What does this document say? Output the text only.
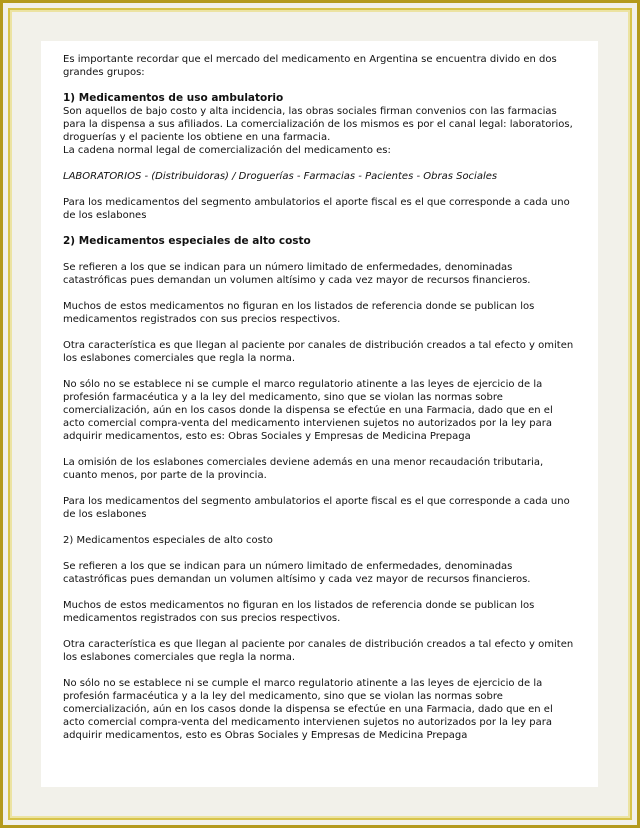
Es importante recordar que el mercado del medicamento en Argentina se encuentra divido en dos grandes grupos:

1) Medicamentos de uso ambulatorio

Son aquellos de bajo costo y alta incidencia, las obras sociales firman convenios con las farmacias para la dispensa a sus afiliados. La comercialización de los mismos es por el canal legal: laboratorios, droguerías y el paciente los obtiene en una farmacia.

La cadena normal legal de comercialización del medicamento es:

LABORATORIOS - (Distribuidoras) / Droguerías - Farmacias - Pacientes - Obras Sociales

Para los medicamentos del segmento ambulatorios el aporte fiscal es el que corresponde a cada uno de los eslabones

2) Medicamentos especiales de alto costo

Se refieren a los que se indican para un número limitado de enfermedades, denominadas catastróficas pues demandan un volumen altísimo y cada vez mayor de recursos financieros.

Muchos de estos medicamentos no figuran en los listados de referencia donde se publican los medicamentos registrados con sus precios respectivos.

Otra característica es que llegan al paciente por canales de distribución creados a tal efecto y omiten los eslabones comerciales que regla la norma.

No sólo no se establece ni se cumple el marco regulatorio atinente a las leyes de ejercicio de la profesión farmacéutica y a la ley del medicamento, sino que se violan las normas sobre comercialización, aún en los casos donde la dispensa se efectúe en una Farmacia, dado que en el acto comercial compra-venta del medicamento intervienen sujetos no autorizados por la ley para adquirir medicamentos, esto es: Obras Sociales y Empresas de Medicina Prepaga

La omisión de los eslabones comerciales deviene además en una menor recaudación tributaria, cuanto menos, por parte de la provincia.

Para los medicamentos del segmento ambulatorios el aporte fiscal es el que corresponde a cada uno de los eslabones

2) Medicamentos especiales de alto costo

Se refieren a los que se indican para un número limitado de enfermedades, denominadas catastróficas pues demandan un volumen altísimo y cada vez mayor de recursos financieros.

Muchos de estos medicamentos no figuran en los listados de referencia donde se publican los medicamentos registrados con sus precios respectivos.

Otra característica es que llegan al paciente por canales de distribución creados a tal efecto y omiten los eslabones comerciales que regla la norma.

No sólo no se establece ni se cumple el marco regulatorio atinente a las leyes de ejercicio de la profesión farmacéutica y a la ley del medicamento, sino que se violan las normas sobre comercialización, aún en los casos donde la dispensa se efectúe en una Farmacia, dado que en el acto comercial compra-venta del medicamento intervienen sujetos no autorizados por la ley para adquirir medicamentos, esto es Obras Sociales y Empresas de Medicina Prepaga
